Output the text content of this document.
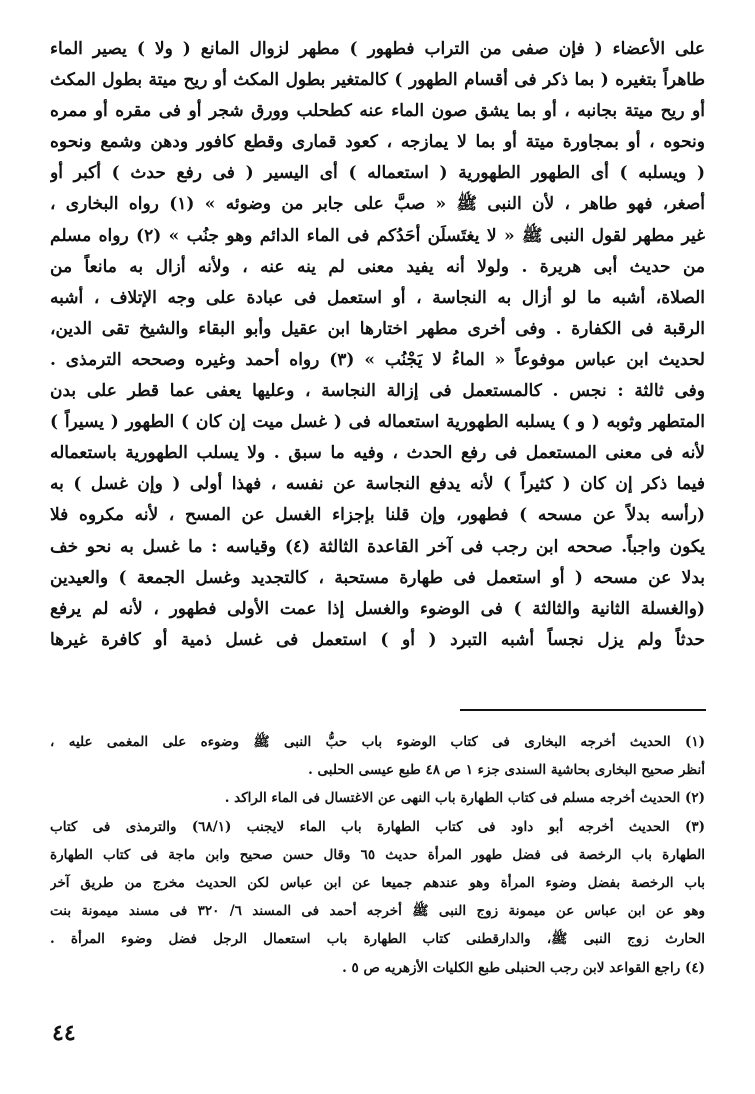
على الأعضاء ( فإن صفى من التراب فطهور ) مطهر لزوال المانع ( ولا ) يصير الماء
طاهراً بتغيره ( بما ذكر فى أقسام الطهور ) كالمتغير بطول المكث أو ريح ميتة بطول المكث
أو ريح ميتة بجانبه ، أو بما يشق صون الماء عنه كطحلب وورق شجر أو فى مقره أو ممره
ونحوه ، أو بمجاورة ميتة أو بما لا يمازجه ، كعود قمارى وقطع كافور ودهن وشمع ونحوه
( ويسلبه ) أى الطهور الطهورية ( استعماله ) أى اليسير ( فى رفع حدث ) أكبر أو
أصغر، فهو طاهر ، لأن النبى ﷺ « صبَّ على جابر من وضوئه » (١) رواه البخارى ،
غير مطهر لقول النبى ﷺ « لا يغتَسلَن أحَدُكم فى الماء الدائم وهو جنُب » (٢) رواه مسلم
من حديث أبى هريرة . ولولا أنه يفيد معنى لم ينه عنه ، ولأنه أزال به مانعاً من
الصلاة، أشبه ما لو أزال به النجاسة ، أو استعمل فى عبادة على وجه الإتلاف ، أشبه
الرقبة فى الكفارة . وفى أخرى مطهر اختارها ابن عقيل وأبو البقاء والشيخ تقى الدين،
لحديث ابن عباس موفوعاً « الماءُ لا يَجْنُب » (٣) رواه أحمد وغيره وصححه الترمذى .
وفى ثالثة : نجس . كالمستعمل فى إزالة النجاسة ، وعليها يعفى عما قطر على بدن
المتطهر وثوبه ( و ) يسلبه الطهورية استعماله فى ( غسل ميت إن كان ) الطهور ( يسيراً )
لأنه فى معنى المستعمل فى رفع الحدث ، وفيه ما سبق . ولا يسلب الطهورية باستعماله
فيما ذكر إن كان ( كثيراً ) لأنه يدفع النجاسة عن نفسه ، فهذا أولى ( وإن غسل ) به
(رأسه بدلاً عن مسحه ) فطهور، وإن قلنا بإجزاء الغسل عن المسح ، لأنه مكروه فلا
يكون واجباً. صححه ابن رجب فى آخر القاعدة الثالثة (٤) وقياسه : ما غسل به نحو خف
بدلا عن مسحه ( أو استعمل فى طهارة مستحبة ، كالتجديد وغسل الجمعة ) والعيدين
(والغسلة الثانية والثالثة ) فى الوضوء والغسل إذا عمت الأولى فطهور ، لأنه لم يرفع
حدثاً ولم يزل نجساً أشبه التبرد ( أو ) استعمل فى غسل ذمية أو كافرة غيرها
(١) الحديث أخرجه البخارى فى كتاب الوضوء باب حبُّ النبى ﷺ وضوءه على المغمى عليه ،
أنظر صحيح البخارى بحاشية السندى جزء ١ ص ٤٨ طبع عيسى الحلبى .
(٢) الحديث أخرجه مسلم فى كتاب الطهارة باب النهى عن الاغتسال فى الماء الراكد .
(٣) الحديث أخرجه أبو داود فى كتاب الطهارة باب الماء لايجنب (٦٨/١) والترمذى فى كتاب
الطهارة باب الرخصة فى فضل طهور المرأة حديث ٦٥ وقال حسن صحيح وابن ماجة فى كتاب الطهارة
باب الرخصة بفضل وضوء المرأة وهو عندهم جميعا عن ابن عباس لكن الحديث مخرج من طريق آخر
وهو عن ابن عباس عن ميمونة زوج النبى ﷺ أخرجه أحمد فى المسند ٦/ ٣٢٠ فى مسند ميمونة بنت
الحارث زوج النبى ﷺ، والدارقطنى كتاب الطهارة باب استعمال الرجل فضل وضوء المرأة .
(٤) راجع القواعد لابن رجب الحنبلى طبع الكليات الأزهريه ص ٥ .
٤٤
